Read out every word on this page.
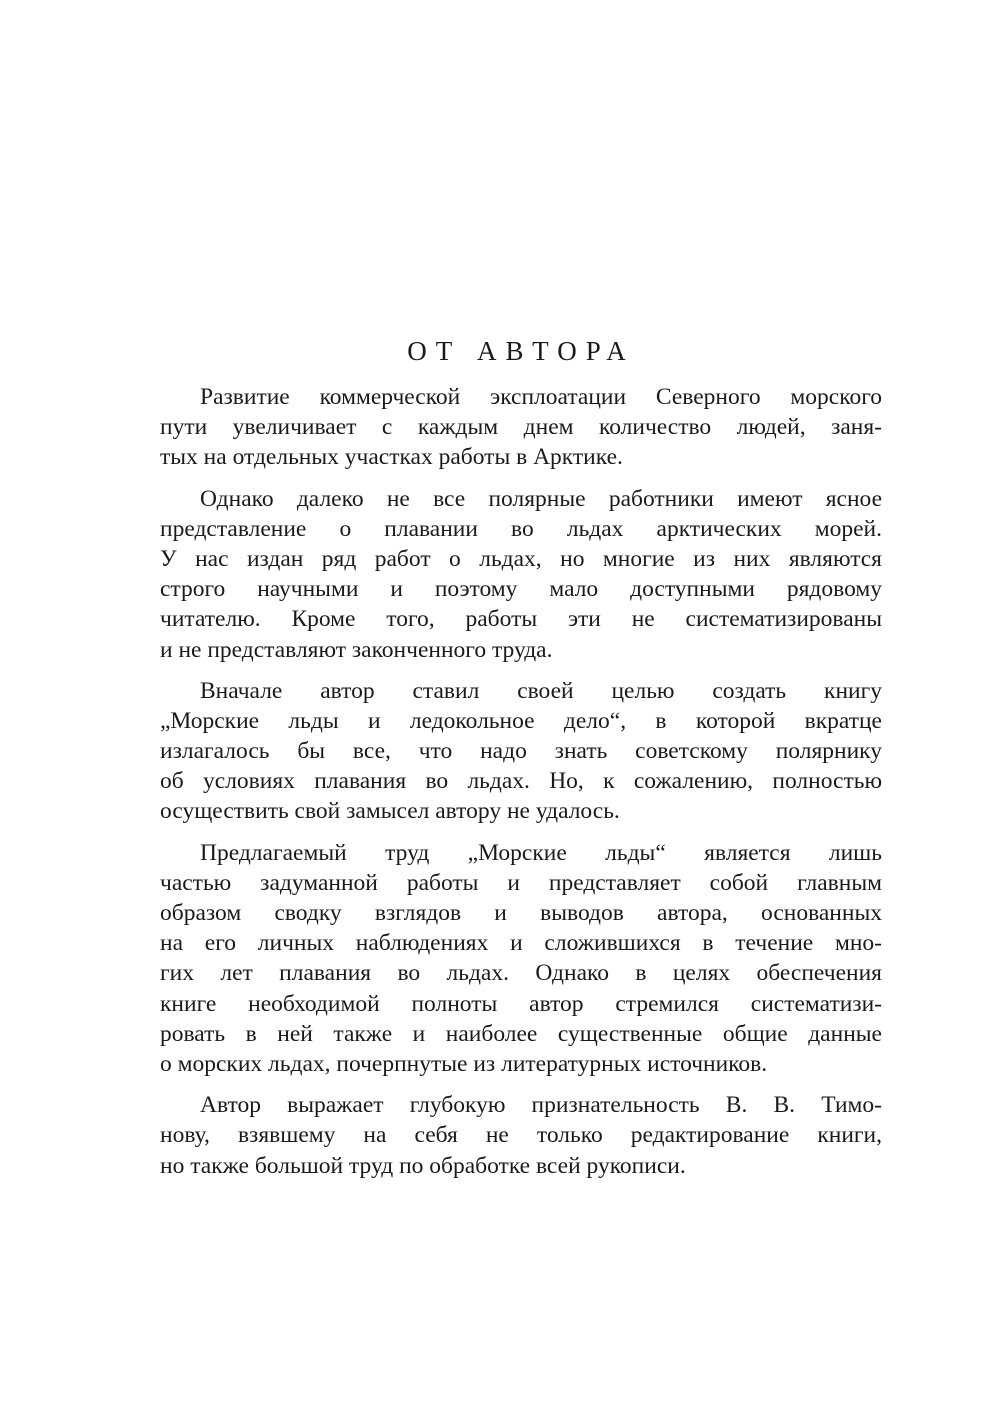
ОТ АВТОРА
Развитие коммерческой эксплоатации Северного морского
пути увеличивает с каждым днем количество людей, заня-
тых на отдельных участках работы в Арктике.
Однако далеко не все полярные работники имеют ясное
представление о плавании во льдах арктических морей.
У нас издан ряд работ о льдах, но многие из них являются
строго научными и поэтому мало доступными рядовому
читателю. Кроме того, работы эти не систематизированы
и не представляют законченного труда.
Вначале автор ставил своей целью создать книгу
„Морские льды и ледокольное дело“, в которой вкратце
излагалось бы все, что надо знать советскому полярнику
об условиях плавания во льдах. Но, к сожалению, полностью
осуществить свой замысел автору не удалось.
Предлагаемый труд „Морские льды“ является лишь
частью задуманной работы и представляет собой главным
образом сводку взглядов и выводов автора, основанных
на его личных наблюдениях и сложившихся в течение мно-
гих лет плавания во льдах. Однако в целях обеспечения
книге необходимой полноты автор стремился систематизи-
ровать в ней также и наиболее существенные общие данные
о морских льдах, почерпнутые из литературных источников.
Автор выражает глубокую признательность В. В. Тимо-
нову, взявшему на себя не только редактирование книги,
но также большой труд по обработке всей рукописи.
